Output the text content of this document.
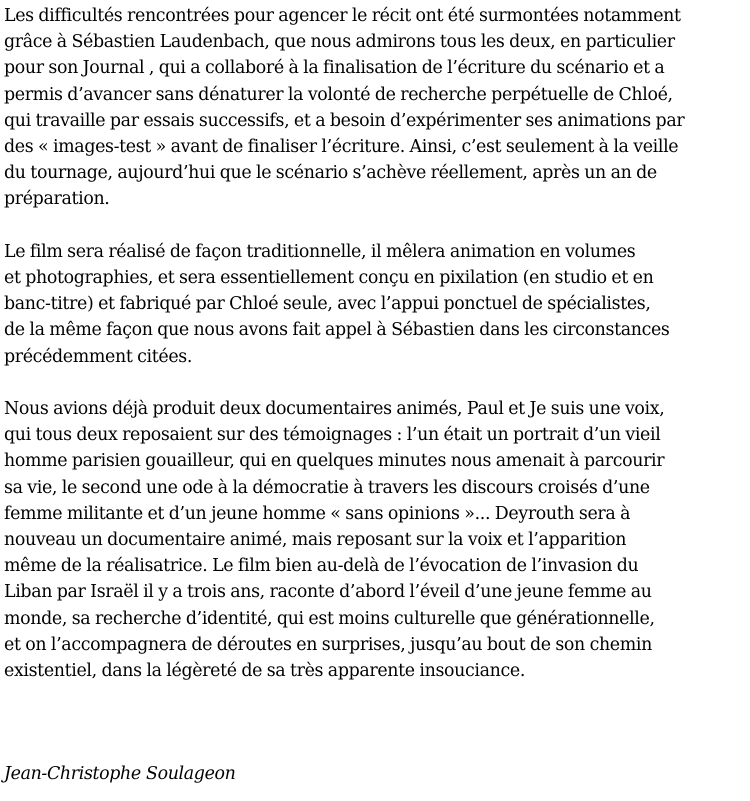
Les difficultés rencontrées pour agencer le récit ont été surmontées notamment
grâce à Sébastien Laudenbach, que nous admirons tous les deux, en particulier
pour son Journal , qui a collaboré à la finalisation de l’écriture du scénario et a
permis d’avancer sans dénaturer la volonté de recherche perpétuelle de Chloé,
qui travaille par essais successifs, et a besoin d’expérimenter ses animations par
des « images-test » avant de finaliser l’écriture. Ainsi, c’est seulement à la veille
du tournage, aujourd’hui que le scénario s’achève réellement, après un an de
préparation.
Le film sera réalisé de façon traditionnelle, il mêlera animation en volumes
et photographies, et sera essentiellement conçu en pixilation (en studio et en
banc-titre) et fabriqué par Chloé seule, avec l’appui ponctuel de spécialistes,
de la même façon que nous avons fait appel à Sébastien dans les circonstances
précédemment citées.
Nous avions déjà produit deux documentaires animés, Paul et Je suis une voix,
qui tous deux reposaient sur des témoignages : l’un était un portrait d’un vieil
homme parisien gouailleur, qui en quelques minutes nous amenait à parcourir
sa vie, le second une ode à la démocratie à travers les discours croisés d’une
femme militante et d’un jeune homme « sans opinions »... Deyrouth sera à
nouveau un documentaire animé, mais reposant sur la voix et l’apparition
même de la réalisatrice. Le film bien au-delà de l’évocation de l’invasion du
Liban par Israël il y a trois ans, raconte d’abord l’éveil d’une jeune femme au
monde, sa recherche d’identité, qui est moins culturelle que générationnelle,
et on l’accompagnera de déroutes en surprises, jusqu’au bout de son chemin
existentiel, dans la légèreté de sa très apparente insouciance.
Jean-Christophe Soulageon
